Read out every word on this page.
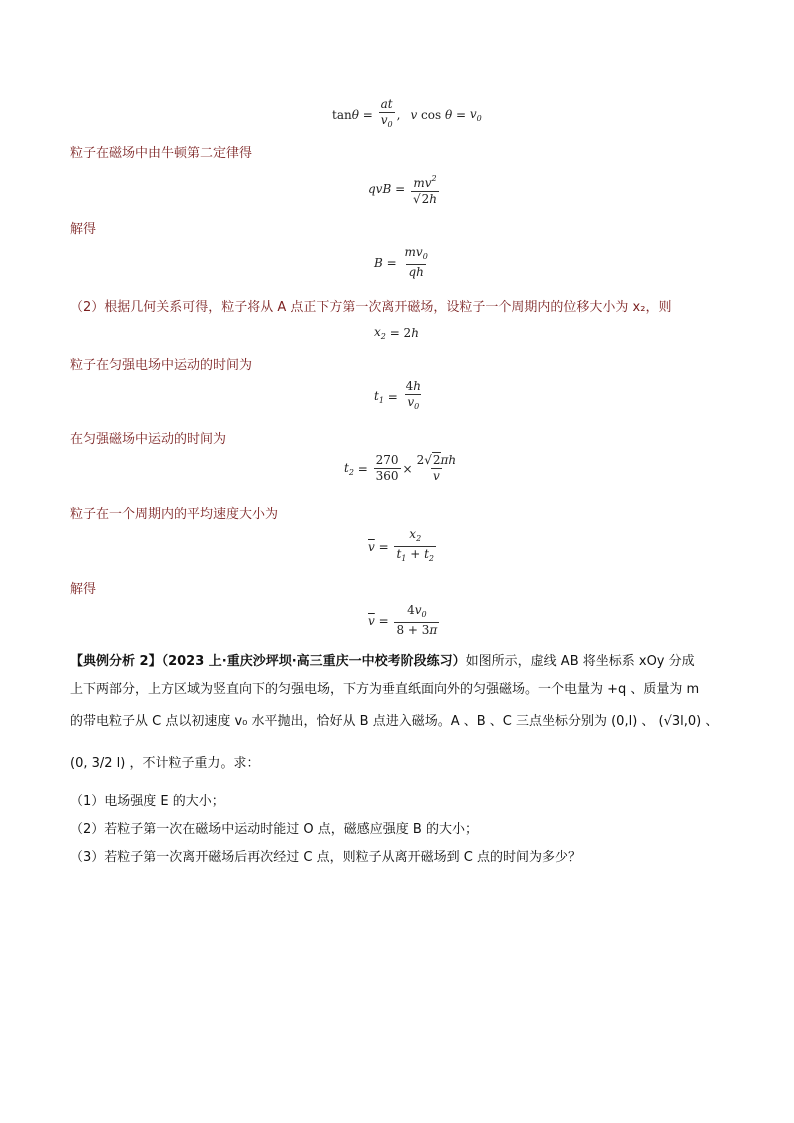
$\tan \theta = \frac{at}{v_0}$ , v $\cos \theta = v_0$
粒子在磁场中由牛顿第二定律得
qvB = $\frac{mv^2}{√2h}$
解得
$B = \frac{mv_0}{qh}$
（2）根据几何关系可得，粒子将从 A 点正下方第一次离开磁场，设粒子一个周期内的位移大小为 x₂，则
$x_2 = 2$ h
粒子在匀强电场中运动的时间为
$t_1 = \frac{4h}{v_0}$
在匀强磁场中运动的时间为
$t_2 = \frac{270}{360} \times \frac{2√2\pi h}{v}$
粒子在一个周期内的平均速度大小为
$\overline{v} = \frac{x_2}{t_1 + t_2}$
解得
$\overline{v} = \frac{4v_0}{8 + 3\pi}$
【典例分析 2】（2023 上·重庆沙坪坝·高三重庆一中校考阶段练习）如图所示，虚线 AB 将坐标系 xOy 分成
上下两部分，上方区域为竖直向下的匀强电场，下方为垂直纸面向外的匀强磁场。一个电量为 +q 、质量为 m
的带电粒子从 C 点以初速度 v₀ 水平抛出，恰好从 B 点进入磁场。A 、B 、C 三点坐标分别为 (0,l) 、 (√3l,0) 、
(0, 3/2 l) ，不计粒子重力。求：
（1）电场强度 E 的大小；
（2）若粒子第一次在磁场中运动时能过 O 点，磁感应强度 B 的大小；
（3）若粒子第一次离开磁场后再次经过 C 点，则粒子从离开磁场到 C 点的时间为多少？
